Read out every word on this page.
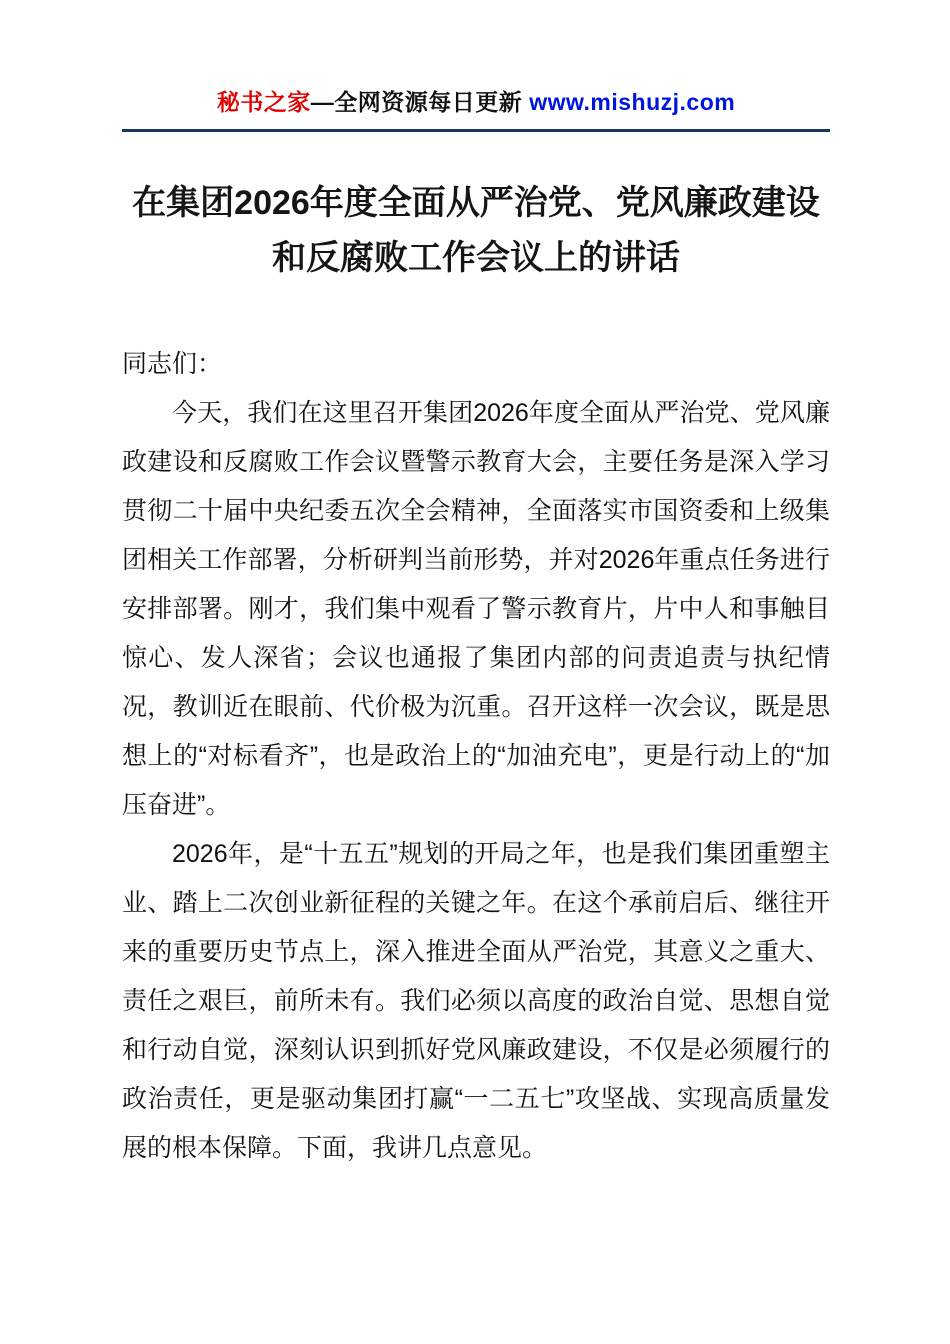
秘书之家—全网资源每日更新 www.mishuzj.com
在集团2026年度全面从严治党、党风廉政建设和反腐败工作会议上的讲话

同志们：

今天，我们在这里召开集团2026年度全面从严治党、党风廉政建设和反腐败工作会议暨警示教育大会，主要任务是深入学习贯彻二十届中央纪委五次全会精神，全面落实市国资委和上级集团相关工作部署，分析研判当前形势，并对2026年重点任务进行安排部署。刚才，我们集中观看了警示教育片，片中人和事触目惊心、发人深省；会议也通报了集团内部的问责追责与执纪情况，教训近在眼前、代价极为沉重。召开这样一次会议，既是思想上的“对标看齐”，也是政治上的“加油充电”，更是行动上的“加压奋进”。

2026年，是“十五五”规划的开局之年，也是我们集团重塑主业、踏上二次创业新征程的关键之年。在这个承前启后、继往开来的重要历史节点上，深入推进全面从严治党，其意义之重大、责任之艰巨，前所未有。我们必须以高度的政治自觉、思想自觉和行动自觉，深刻认识到抓好党风廉政建设，不仅是必须履行的政治责任，更是驱动集团打赢“一二五七”攻坚战、实现高质量发展的根本保障。下面，我讲几点意见。
